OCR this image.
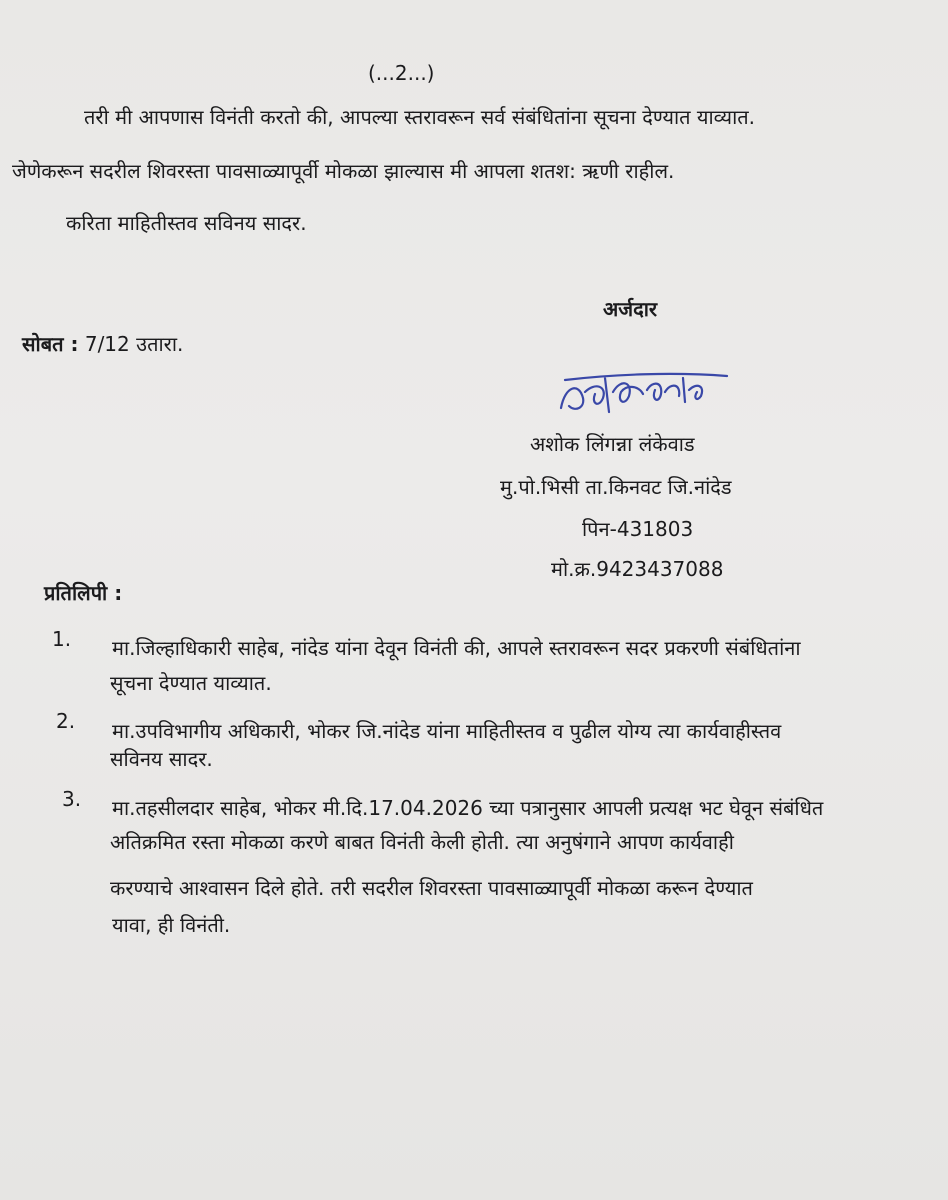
(...2...)
तरी मी आपणास विनंती करतो की, आपल्या स्तरावरून सर्व संबंधितांना सूचना देण्यात याव्यात.
जेणेकरून सदरील शिवरस्ता पावसाळ्यापूर्वी मोकळा झाल्यास मी आपला शतश: ऋणी राहील.
करिता माहितीस्तव सविनय सादर.
अर्जदार
सोबत : 7/12 उतारा.
अशोक लिंगन्ना लंकेवाड
मु.पो.भिसी ता.किनवट जि.नांदेड
पिन-431803
मो.क्र.9423437088
प्रतिलिपी :
1. मा.जिल्हाधिकारी साहेब, नांदेड यांना देवून विनंती की, आपले स्तरावरून सदर प्रकरणी संबंधितांना
सूचना देण्यात याव्यात.
2. मा.उपविभागीय अधिकारी, भोकर जि.नांदेड यांना माहितीस्तव व पुढील योग्य त्या कार्यवाहीस्तव
सविनय सादर.
3. मा.तहसीलदार साहेब, भोकर मी.दि.17.04.2026 च्या पत्रानुसार आपली प्रत्यक्ष भट घेवून संबंधित
अतिक्रमित रस्ता मोकळा करणे बाबत विनंती केली होती. त्या अनुषंगाने आपण कार्यवाही
करण्याचे आश्वासन दिले होते. तरी सदरील शिवरस्ता पावसाळ्यापूर्वी मोकळा करून देण्यात
यावा, ही विनंती.
